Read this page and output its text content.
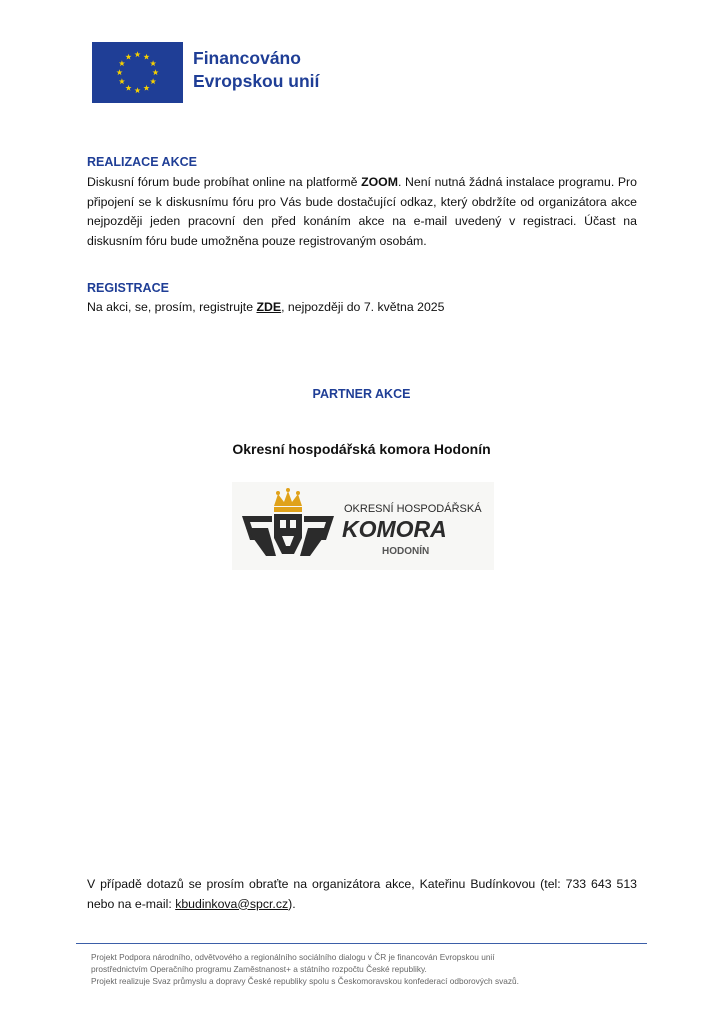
Financováno
Evropskou unií
REALIZACE AKCE
Diskusní fórum bude probíhat online na platformě ZOOM. Není nutná žádná instalace programu. Pro připojení se k diskusnímu fóru pro Vás bude dostačující odkaz, který obdržíte od organizátora akce nejpozději jeden pracovní den před konáním akce na e-mail uvedený v registraci. Účast na diskusním fóru bude umožněna pouze registrovaným osobám.
REGISTRACE
Na akci, se, prosím, registrujte ZDE, nejpozději do 7. května 2025
PARTNER AKCE
Okresní hospodářská komora Hodonín
OKRESNÍ HOSPODÁŘSKÁ
KOMORA
HODONÍN
V případě dotazů se prosím obraťte na organizátora akce, Kateřinu Budínkovou (tel: 733 643 513 nebo na e-mail: kbudinkova@spcr.cz).
Projekt Podpora národního, odvětvového a regionálního sociálního dialogu v ČR je financován Evropskou unií
prostřednictvím Operačního programu Zaměstnanost+ a státního rozpočtu České republiky.
Projekt realizuje Svaz průmyslu a dopravy České republiky spolu s Českomoravskou konfederací odborových svazů.
